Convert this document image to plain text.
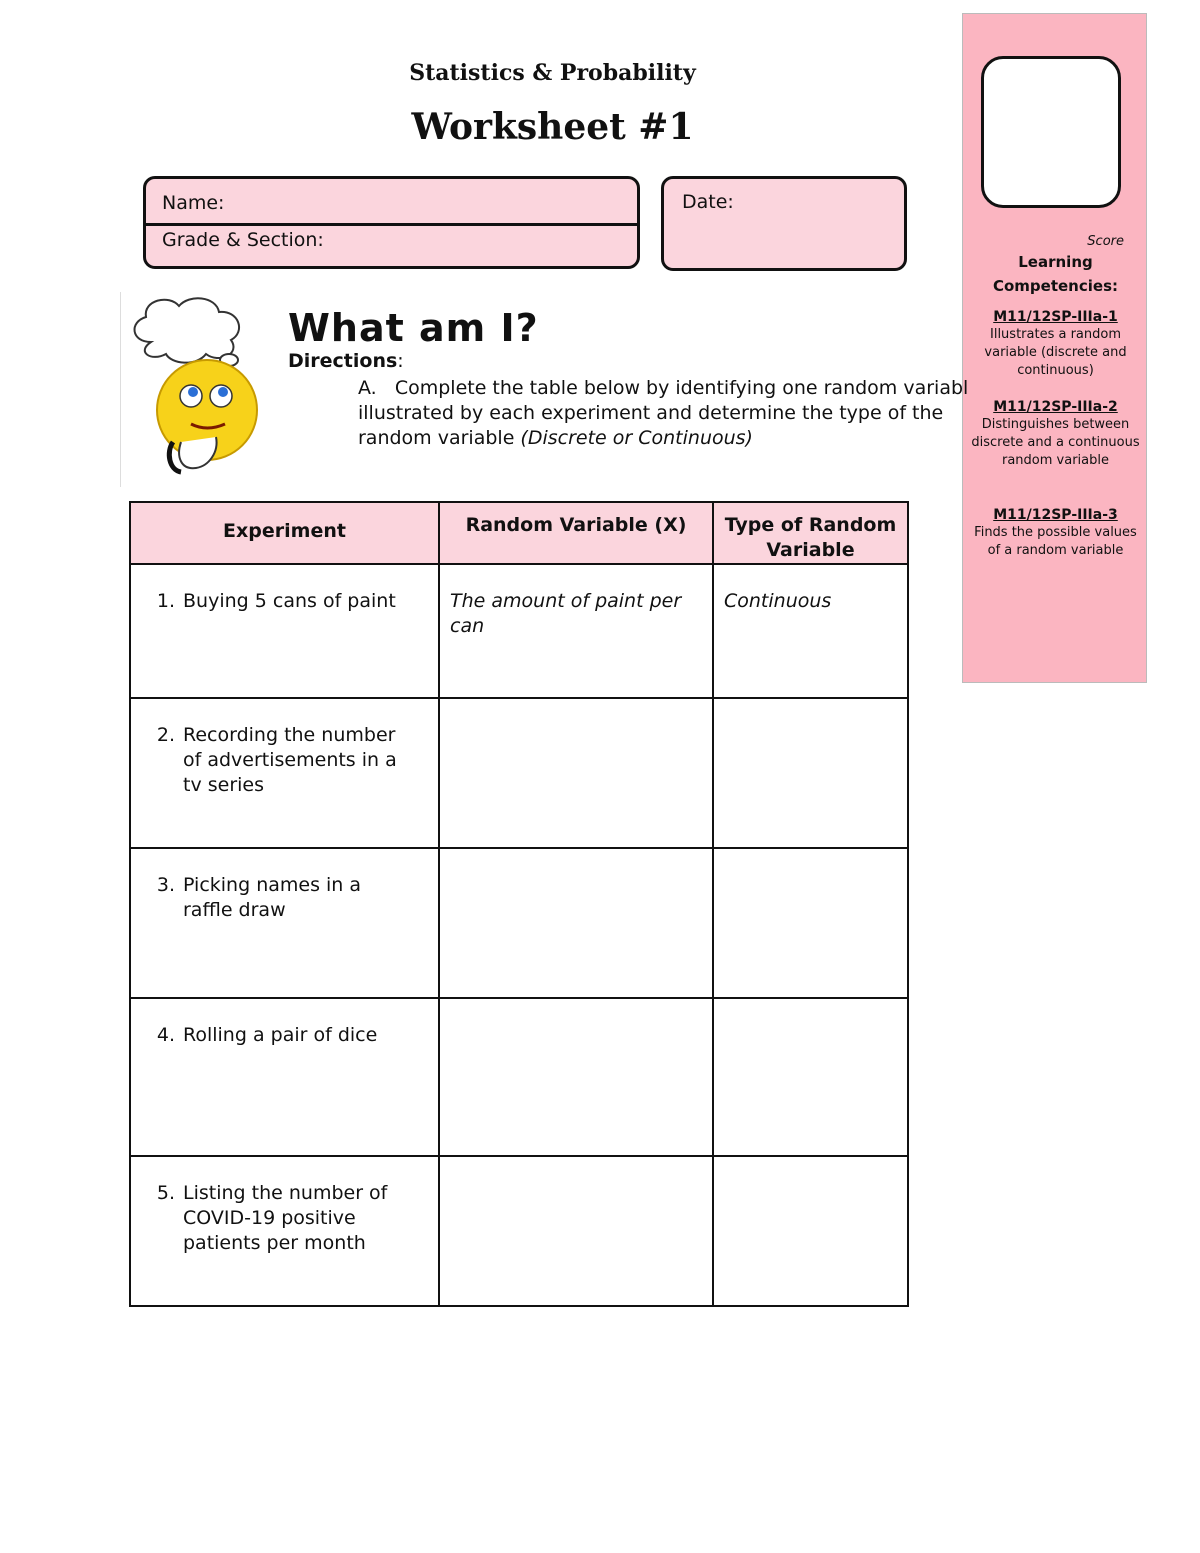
Statistics & Probability
Worksheet #1
Name:
Grade & Section:
Date:
Score
Learning
Competencies:
M11/12SP-IIIa-1
Illustrates a random variable (discrete and continuous)
M11/12SP-IIIa-2
Distinguishes between discrete and a continuous random variable
M11/12SP-IIIa-3
Finds the possible values of a random variable
What am I?
Directions:
A. Complete the table below by identifying one random variabl
illustrated by each experiment and determine the type of the
random variable (Discrete or Continuous)
Experiment	Random Variable (X)	Type of Random Variable
1. Buying 5 cans of paint	The amount of paint per can	Continuous
2. Recording the number of advertisements in a tv series		
3. Picking names in a raffle draw		
4. Rolling a pair of dice		
5. Listing the number of COVID-19 positive patients per month		
